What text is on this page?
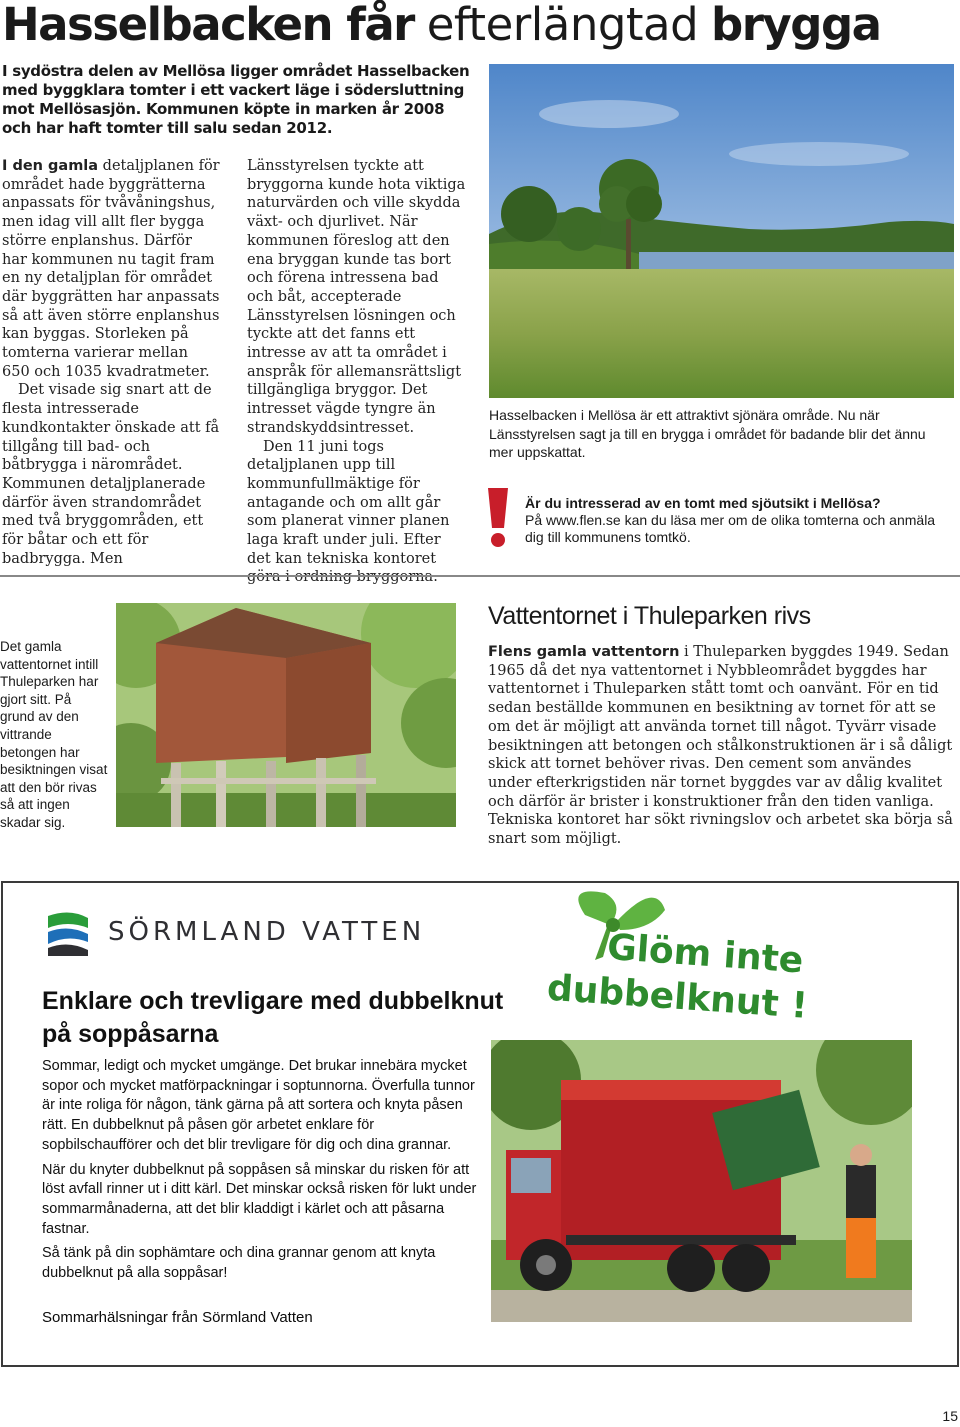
Hasselbacken får efterlängtad brygga
I sydöstra delen av Mellösa ligger området Hasselbacken med byggklara tomter i ett vackert läge i södersluttning mot Mellösasjön. Kommunen köpte in marken år 2008 och har haft tomter till salu sedan 2012.

I den gamla detaljplanen för området hade byggrätterna anpassats för tvåvåningshus, men idag vill allt fler bygga större enplanshus. Därför har kommunen nu tagit fram en ny detaljplan för området där byggrätten har anpassats så att även större enplanshus kan byggas. Storleken på tomterna varierar mellan 650 och 1035 kvadratmeter.

Det visade sig snart att de flesta intresserade kundkontakter önskade att få tillgång till bad- och båtbrygga i närområdet. Kommunen detaljplanerade därför även strandområdet med två bryggområden, ett för båtar och ett för badbrygga. Men

Länsstyrelsen tyckte att bryggorna kunde hota viktiga naturvärden och ville skydda växt- och djurlivet. När kommunen föreslog att den ena bryggan kunde tas bort och förena intressena bad och båt, accepterade Länsstyrelsen lösningen och tyckte att det fanns ett intresse av att ta området i anspråk för allemansrättsligt tillgängliga bryggor. Det intresset vägde tyngre än strandskyddsintresset.

Den 11 juni togs detaljplanen upp till kommunfullmäktige för antagande och om allt går som planerat vinner planen laga kraft under juli. Efter det kan tekniska kontoret göra i ordning bryggorna.

Hasselbacken i Mellösa är ett attraktivt sjönära område. Nu när Länsstyrelsen sagt ja till en brygga i området för badande blir det ännu mer uppskattat.
Är du intresserad av en tomt med sjöutsikt i Mellösa?
På www.flen.se kan du läsa mer om de olika tomterna och anmäla dig till kommunens tomtkö.
Det gamla vattentornet intill Thuleparken har gjort sitt. På grund av den vittrande betongen har besiktningen visat att den bör rivas så att ingen skadar sig.
Vattentornet i Thuleparken rivs

Flens gamla vattentorn i Thuleparken byggdes 1949. Sedan 1965 då det nya vattentornet i Nybbleområdet byggdes har vattentornet i Thuleparken stått tomt och oanvänt. För en tid sedan beställde kommunen en besiktning av tornet för att se om det är möjligt att använda tornet till något. Tyvärr visade besiktningen att betongen och stålkonstruktionen är i så dåligt skick att tornet behöver rivas. Den cement som användes under efterkrigstiden när tornet byggdes var av dålig kvalitet och därför är brister i konstruktioner från den tiden vanliga. Tekniska kontoret har sökt rivningslov och arbetet ska börja så snart som möjligt.

SÖRMLAND VATTEN
Enklare och trevligare med dubbelknut på soppåsarna

Sommar, ledigt och mycket umgänge. Det brukar innebära mycket sopor och mycket matförpackningar i soptunnorna. Överfulla tunnor är inte roliga för någon, tänk gärna på att sortera och knyta påsen rätt. En dubbelknut på påsen gör arbetet enklare för sopbilschaufförer och det blir trevligare för dig och dina grannar.

När du knyter dubbelknut på soppåsen så minskar du risken för att löst avfall rinner ut i ditt kärl. Det minskar också risken för lukt under sommarmånaderna, att det blir kladdigt i kärlet och att påsarna fastnar.

Så tänk på din sophämtare och dina grannar genom att knyta dubbelknut på alla soppåsar!

Sommarhälsningar från Sörmland Vatten
Glöm inte
dubbelknut !
15
